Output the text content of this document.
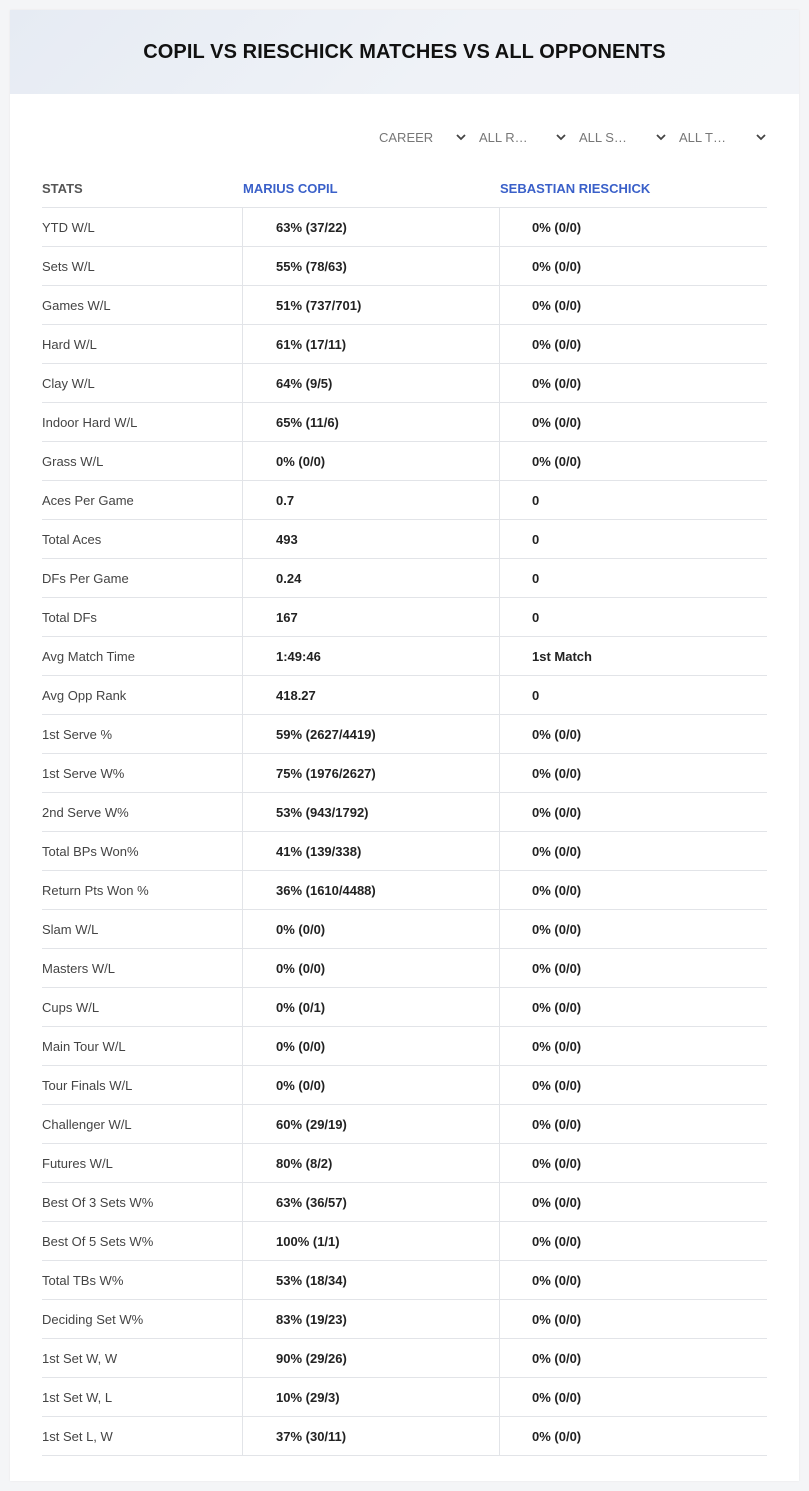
COPIL VS RIESCHICK MATCHES VS ALL OPPONENTS
CAREER	ALL R…	ALL S…	ALL T…
STATS	MARIUS COPIL	SEBASTIAN RIESCHICK
YTD W/L	63% (37/22)	0% (0/0)
Sets W/L	55% (78/63)	0% (0/0)
Games W/L	51% (737/701)	0% (0/0)
Hard W/L	61% (17/11)	0% (0/0)
Clay W/L	64% (9/5)	0% (0/0)
Indoor Hard W/L	65% (11/6)	0% (0/0)
Grass W/L	0% (0/0)	0% (0/0)
Aces Per Game	0.7	0
Total Aces	493	0
DFs Per Game	0.24	0
Total DFs	167	0
Avg Match Time	1:49:46	1st Match
Avg Opp Rank	418.27	0
1st Serve %	59% (2627/4419)	0% (0/0)
1st Serve W%	75% (1976/2627)	0% (0/0)
2nd Serve W%	53% (943/1792)	0% (0/0)
Total BPs Won%	41% (139/338)	0% (0/0)
Return Pts Won %	36% (1610/4488)	0% (0/0)
Slam W/L	0% (0/0)	0% (0/0)
Masters W/L	0% (0/0)	0% (0/0)
Cups W/L	0% (0/1)	0% (0/0)
Main Tour W/L	0% (0/0)	0% (0/0)
Tour Finals W/L	0% (0/0)	0% (0/0)
Challenger W/L	60% (29/19)	0% (0/0)
Futures W/L	80% (8/2)	0% (0/0)
Best Of 3 Sets W%	63% (36/57)	0% (0/0)
Best Of 5 Sets W%	100% (1/1)	0% (0/0)
Total TBs W%	53% (18/34)	0% (0/0)
Deciding Set W%	83% (19/23)	0% (0/0)
1st Set W, W	90% (29/26)	0% (0/0)
1st Set W, L	10% (29/3)	0% (0/0)
1st Set L, W	37% (30/11)	0% (0/0)
